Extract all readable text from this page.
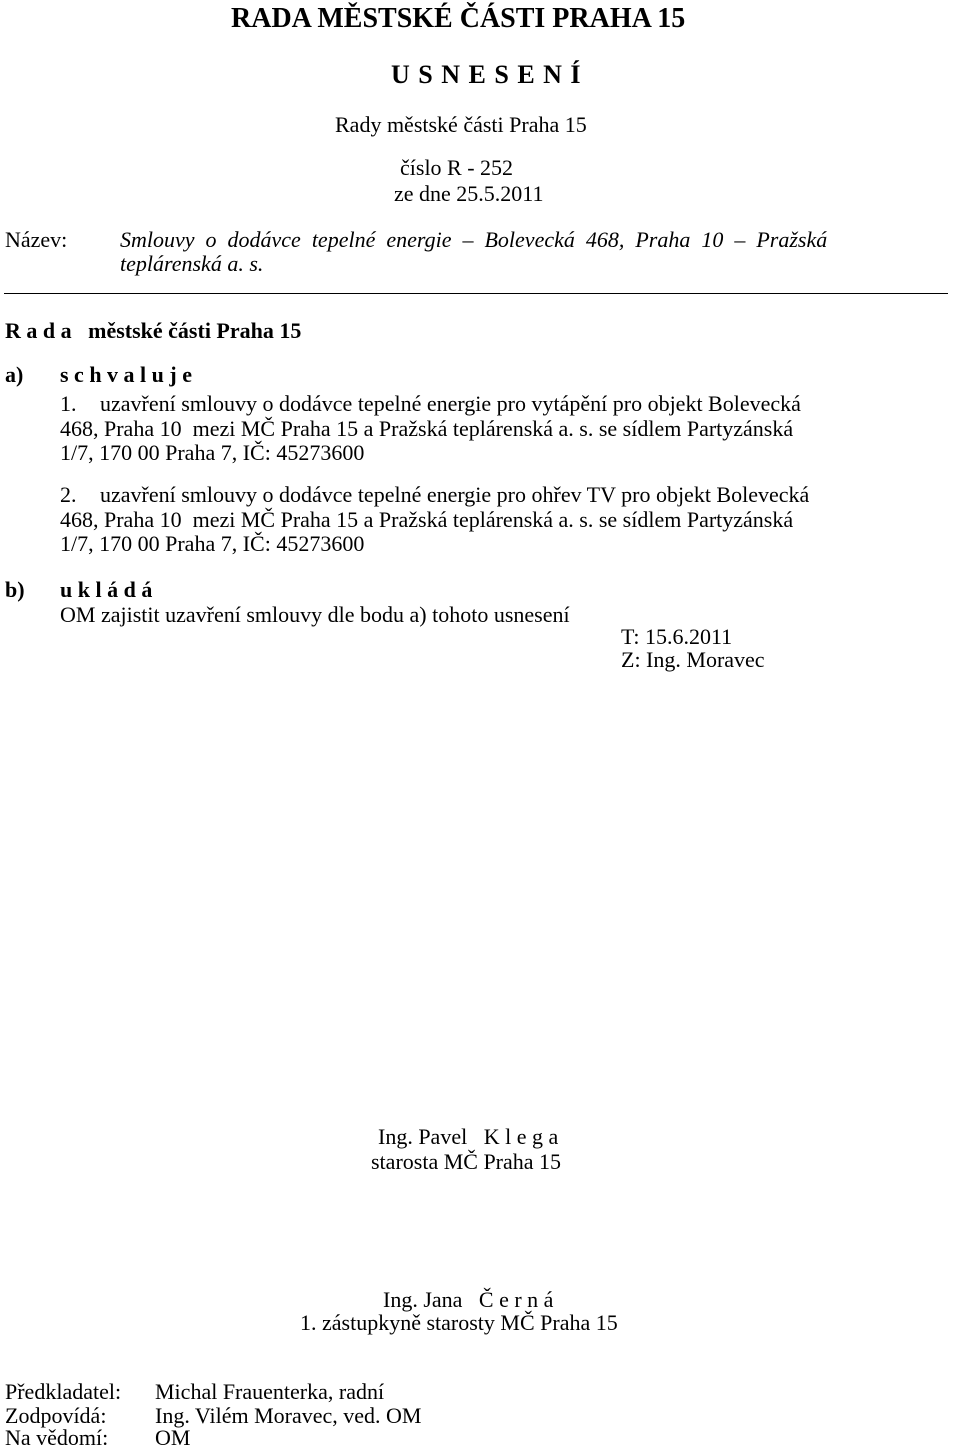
RADA MĚSTSKÉ ČÁSTI PRAHA 15
U S N E S E N Í
Rady městské části Praha 15
číslo R - 252
ze dne 25.5.2011
Název: Smlouvy  o  dodávce  tepelné  energie  –  Bolevecká  468,  Praha  10  –  Pražská
teplárenská a. s.
R a d a   městské části Praha 15
a) s c h v a l u j e
1. uzavření smlouvy o dodávce tepelné energie pro vytápění pro objekt Bolevecká
468, Praha 10  mezi MČ Praha 15 a Pražská teplárenská a. s. se sídlem Partyzánská
1/7, 170 00 Praha 7, IČ: 45273600
2. uzavření smlouvy o dodávce tepelné energie pro ohřev TV pro objekt Bolevecká
468, Praha 10  mezi MČ Praha 15 a Pražská teplárenská a. s. se sídlem Partyzánská
1/7, 170 00 Praha 7, IČ: 45273600
b) u k l á d á
OM zajistit uzavření smlouvy dle bodu a) tohoto usnesení
T: 15.6.2011
Z: Ing. Moravec
Ing. Pavel   K l e g a
starosta MČ Praha 15
Ing. Jana   Č e r n á
1. zástupkyně starosty MČ Praha 15
Předkladatel: Michal Frauenterka, radní
Zodpovídá: Ing. Vilém Moravec, ved. OM
Na vědomí: OM
